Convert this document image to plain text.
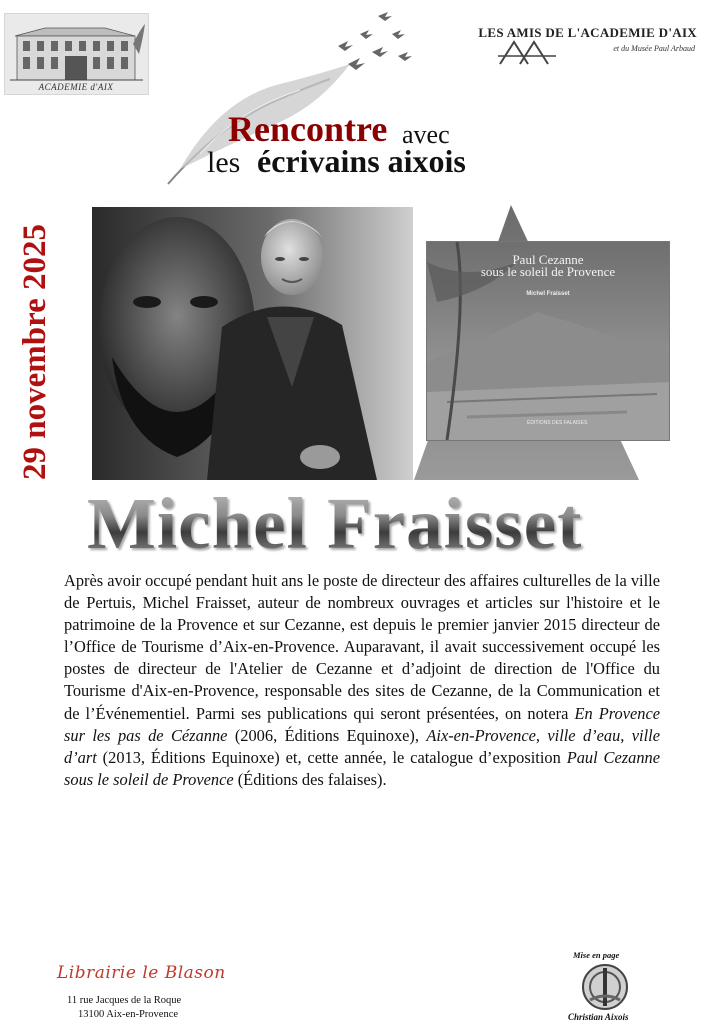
ACADEMIE d'AIX
LES AMIS DE L'ACADEMIE D'AIX
et du Musée Paul Arbaud
Rencontre avec
les écrivains aixois
29 novembre 2025	Paul Cezanne
sous le soleil de Provence
Michel Fraisset
ÉDITIONS DES FALAISES
Michel Fraisset
Après avoir occupé pendant huit ans le poste de directeur des affaires culturelles de la ville de Pertuis, Michel Fraisset, auteur de nombreux ouvrages et articles sur l'histoire et le patrimoine de la Provence et sur Cezanne, est depuis le premier janvier 2015 directeur de l’Office de Tourisme d’Aix-en-Provence. Auparavant, il avait successivement occupé les postes de directeur de l'Atelier de Cezanne et d’adjoint de direction de l'Office du Tourisme d'Aix-en-Provence, responsable des sites de Cezanne, de la Communication et de l’Événementiel. Parmi ses publications qui seront présentées, on notera En Provence sur les pas de Cézanne (2006, Éditions Equinoxe), Aix-en-Provence, ville d’eau, ville d’art (2013, Éditions Equinoxe) et, cette année, le catalogue d’exposition Paul Cezanne sous le soleil de Provence (Éditions des falaises).
Librairie le Blason
11 rue Jacques de la Roque
13100 Aix-en-Provence
Mise en page
Christian Aixois
